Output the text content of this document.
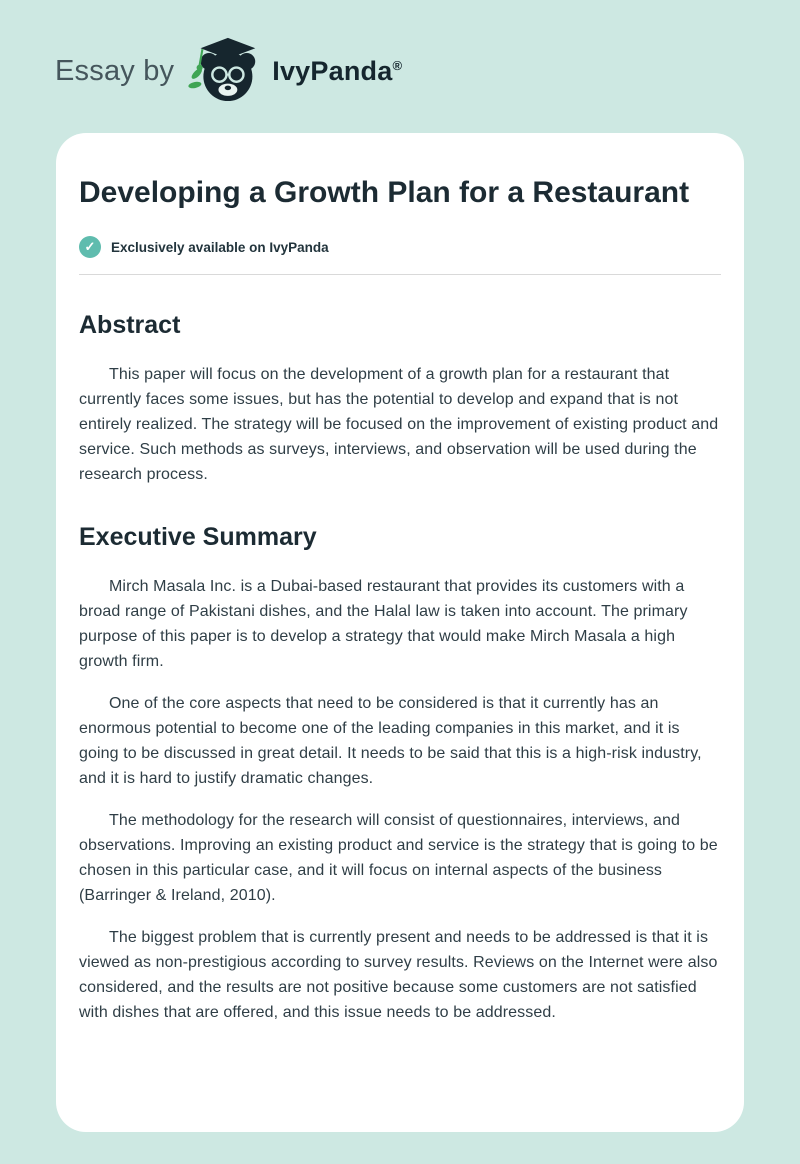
Essay by	IvyPanda®
Developing a Growth Plan for a Restaurant
✓	Exclusively available on IvyPanda
Abstract

This paper will focus on the development of a growth plan for a restaurant that currently faces some issues, but has the potential to develop and expand that is not entirely realized. The strategy will be focused on the improvement of existing product and service. Such methods as surveys, interviews, and observation will be used during the research process.

Executive Summary

Mirch Masala Inc. is a Dubai-based restaurant that provides its customers with a broad range of Pakistani dishes, and the Halal law is taken into account. The primary purpose of this paper is to develop a strategy that would make Mirch Masala a high growth firm.

One of the core aspects that need to be considered is that it currently has an enormous potential to become one of the leading companies in this market, and it is going to be discussed in great detail. It needs to be said that this is a high-risk industry, and it is hard to justify dramatic changes.

The methodology for the research will consist of questionnaires, interviews, and observations. Improving an existing product and service is the strategy that is going to be chosen in this particular case, and it will focus on internal aspects of the business (Barringer & Ireland, 2010).

The biggest problem that is currently present and needs to be addressed is that it is viewed as non-prestigious according to survey results. Reviews on the Internet were also considered, and the results are not positive because some customers are not satisfied with dishes that are offered, and this issue needs to be addressed.
